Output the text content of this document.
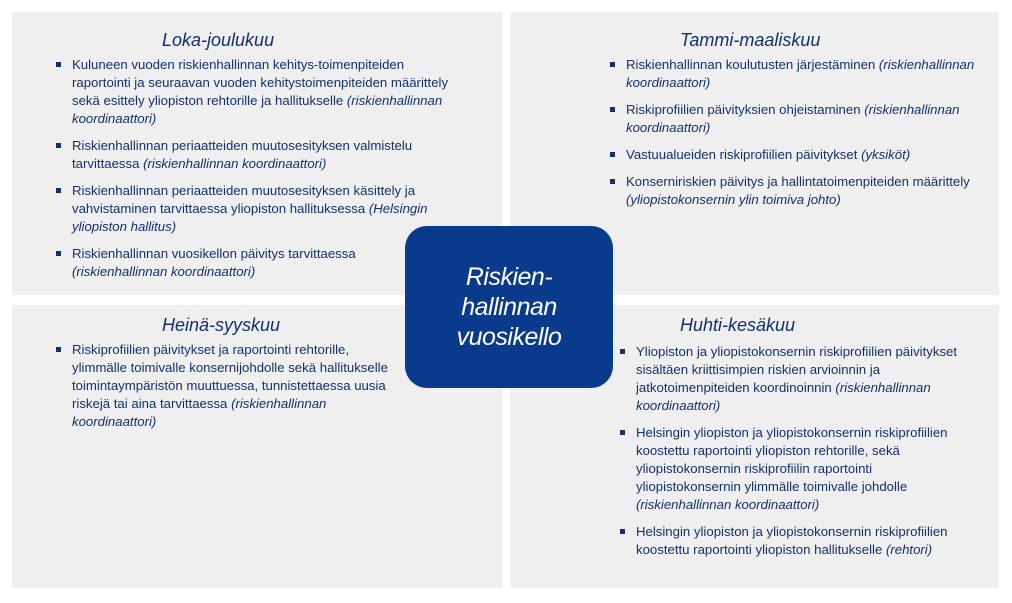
Loka-joulukuu
Kuluneen vuoden riskienhallinnan kehitys-toimenpiteiden raportointi ja seuraavan vuoden kehitystoimenpiteiden määrittely sekä esittely yliopiston rehtorille ja hallitukselle (riskienhallinnan koordinaattori)
Riskienhallinnan periaatteiden muutosesityksen valmistelu tarvittaessa (riskienhallinnan koordinaattori)
Riskienhallinnan periaatteiden muutosesityksen käsittely ja vahvistaminen tarvittaessa yliopiston hallituksessa (Helsingin yliopiston hallitus)
Riskienhallinnan vuosikellon päivitys tarvittaessa (riskienhallinnan koordinaattori)
Tammi-maaliskuu
Riskienhallinnan koulutusten järjestäminen (riskienhallinnan koordinaattori)
Riskiprofiilien päivityksien ohjeistaminen (riskienhallinnan koordinaattori)
Vastuualueiden riskiprofiilien päivitykset (yksiköt)
Konserniriskien päivitys ja hallintatoimenpiteiden määrittely (yliopistokonsernin ylin toimiva johto)
Heinä-syyskuu
Riskiprofiilien päivitykset ja raportointi rehtorille, ylimmälle toimivalle konsernijohdolle sekä hallitukselle toimintaympäristön muuttuessa, tunnistettaessa uusia riskejä tai aina tarvittaessa (riskienhallinnan koordinaattori)
Huhti-kesäkuu
Yliopiston ja yliopistokonsernin riskiprofiilien päivitykset sisältäen kriittisimpien riskien arvioinnin ja jatkotoimenpiteiden koordinoinnin (riskienhallinnan koordinaattori)
Helsingin yliopiston ja yliopistokonsernin riskiprofiilien koostettu raportointi yliopiston rehtorille, sekä yliopistokonsernin riskiprofiilin raportointi yliopistokonsernin ylimmälle toimivalle johdolle (riskienhallinnan koordinaattori)
Helsingin yliopiston ja yliopistokonsernin riskiprofiilien koostettu raportointi yliopiston hallitukselle (rehtori)
Riskien-
hallinnan
vuosikello
